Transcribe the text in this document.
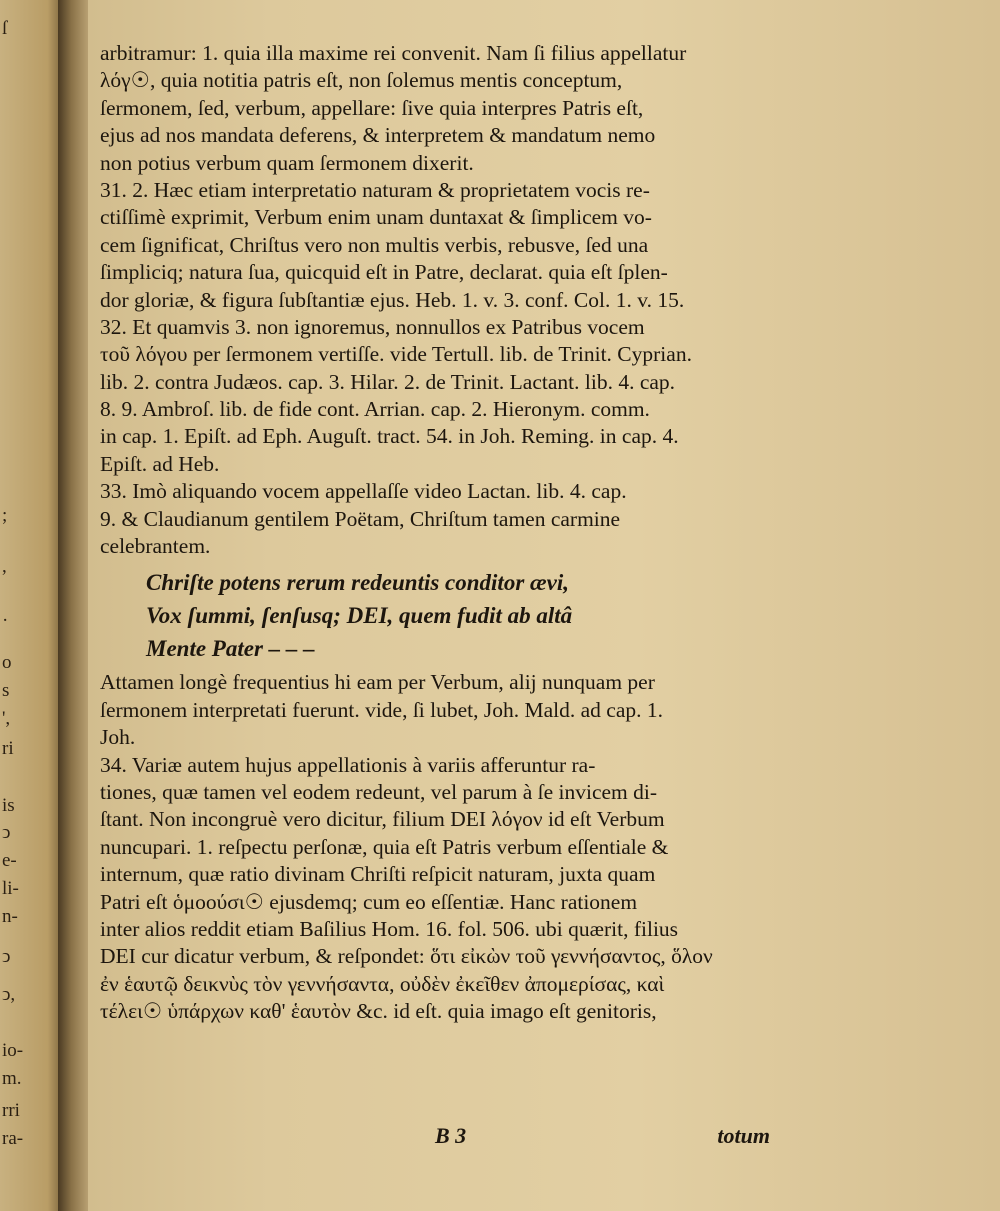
ſ
;
,
·
o
s
',
ri
is
ↄ
e-
li-
n-
ↄ
ↄ,
io-
m.
rri
ra-
arbitramur: 1. quia illa maxime rei convenit. Nam ſi filius appellatur
λόγ☉, quia notitia patris eſt, non ſolemus mentis conceptum,
ſermonem, ſed, verbum, appellare: ſive quia interpres Patris eſt,
ejus ad nos mandata deferens, & interpretem & mandatum nemo
non potius verbum quam ſermonem dixerit.
31. 2. Hæc etiam interpretatio naturam & proprietatem vocis re-
ctiſſimè exprimit, Verbum enim unam duntaxat & ſimplicem vo-
cem ſignificat, Chriſtus vero non multis verbis, rebusve, ſed una
ſimpliciq; natura ſua, quicquid eſt in Patre, declarat. quia eſt ſplen-
dor gloriæ, & figura ſubſtantiæ ejus. Heb. 1. v. 3. conf. Col. 1. v. 15.
32. Et quamvis 3. non ignoremus, nonnullos ex Patribus vocem
τοῦ λόγου per ſermonem vertiſſe. vide Tertull. lib. de Trinit. Cyprian.
lib. 2. contra Judæos. cap. 3. Hilar. 2. de Trinit. Lactant. lib. 4. cap.
8. 9. Ambroſ. lib. de fide cont. Arrian. cap. 2. Hieronym. comm.
in cap. 1. Epiſt. ad Eph. Auguſt. tract. 54. in Joh. Reming. in cap. 4.
Epiſt. ad Heb.
33. Imò aliquando vocem appellaſſe video Lactan. lib. 4. cap.
9. & Claudianum gentilem Poëtam, Chriſtum tamen carmine
celebrantem.
Chriſte potens rerum redeuntis conditor ævi,
Vox ſummi, ſenſusq; DEI, quem fudit ab altâ
Mente Pater – – –
Attamen longè frequentius hi eam per Verbum, alij nunquam per
ſermonem interpretati fuerunt. vide, ſi lubet, Joh. Mald. ad cap. 1.
Joh.
34. Variæ autem hujus appellationis à variis afferuntur ra-
tiones, quæ tamen vel eodem redeunt, vel parum à ſe invicem di-
ſtant. Non incongruè vero dicitur, filium DEI λόγον id eſt Verbum
nuncupari. 1. reſpectu perſonæ, quia eſt Patris verbum eſſentiale &
internum, quæ ratio divinam Chriſti reſpicit naturam, juxta quam
Patri eſt ὁμοούσι☉ ejusdemq; cum eo eſſentiæ. Hanc rationem
inter alios reddit etiam Baſilius Hom. 16. fol. 506. ubi quærit, filius
DEI cur dicatur verbum, & reſpondet: ὅτι εἰκὼν τοῦ γεννήσαντος, ὅλον
ἐν ἑαυτῷ δεικνὺς τὸν γεννήσαντα, οὐδὲν ἐκεῖθεν ἀπομερίσας, καὶ
τέλει☉ ὑπάρχων καθ' ἑαυτὸν &c. id eſt. quia imago eſt genitoris,
B 3	totum
